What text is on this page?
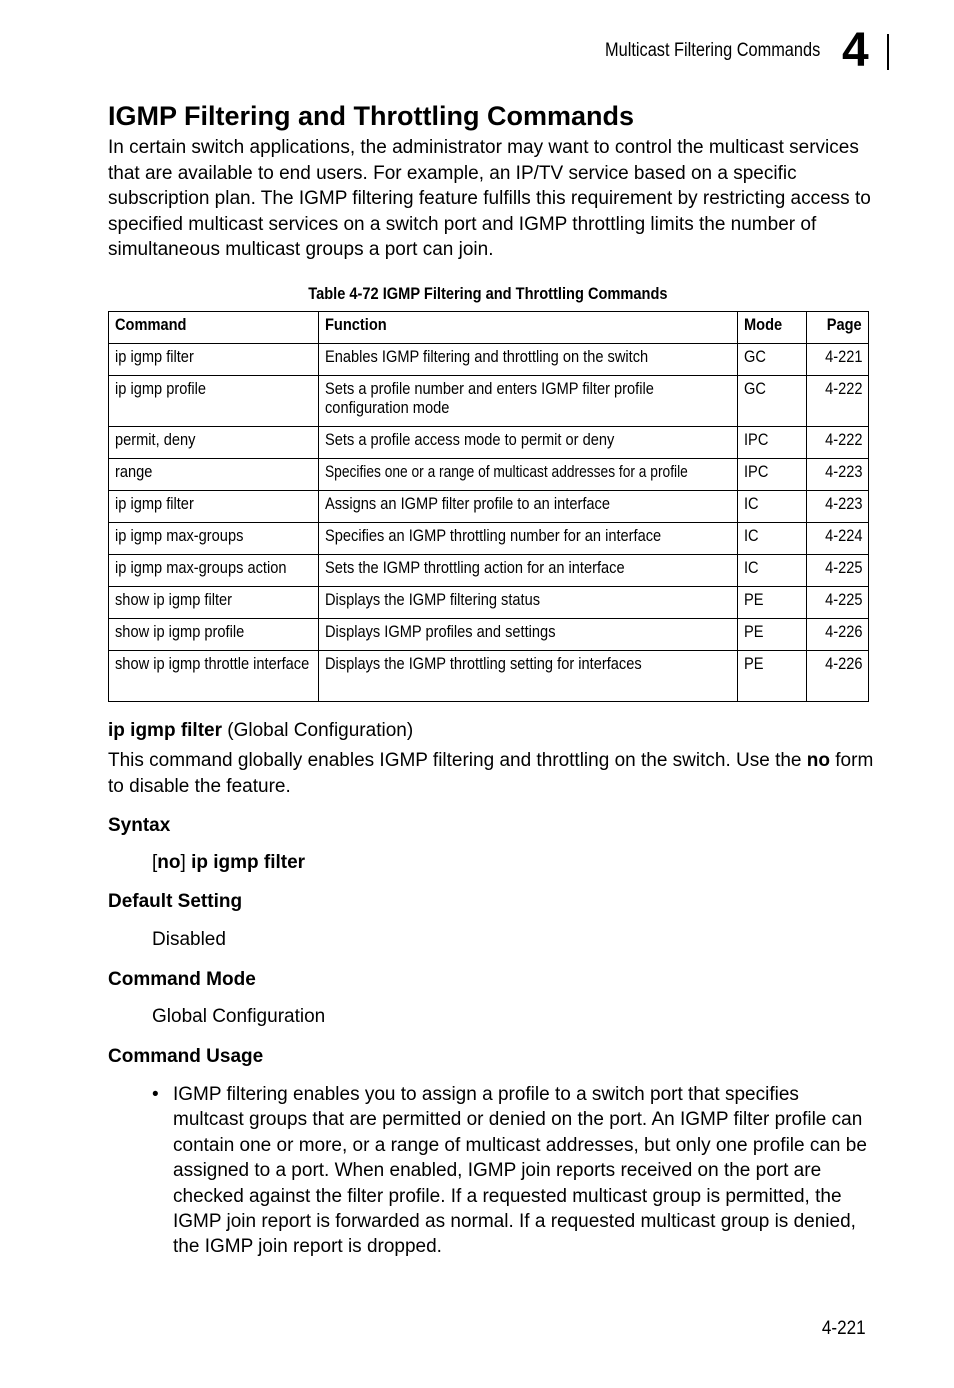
Multicast Filtering Commands 4
IGMP Filtering and Throttling Commands

In certain switch applications, the administrator may want to control the multicast services that are available to end users. For example, an IP/TV service based on a specific subscription plan. The IGMP filtering feature fulfills this requirement by restricting access to specified multicast services on a switch port and IGMP throttling limits the number of simultaneous multicast groups a port can join.

Table 4-72 IGMP Filtering and Throttling Commands
Command	Function	Mode	Page
ip igmp filter	Enables IGMP filtering and throttling on the switch	GC	4-221
ip igmp profile	Sets a profile number and enters IGMP filter profile configuration mode	GC	4-222
permit, deny	Sets a profile access mode to permit or deny	IPC	4-222
range	Specifies one or a range of multicast addresses for a profile	IPC	4-223
ip igmp filter	Assigns an IGMP filter profile to an interface	IC	4-223
ip igmp max-groups	Specifies an IGMP throttling number for an interface	IC	4-224
ip igmp max-groups action	Sets the IGMP throttling action for an interface	IC	4-225
show ip igmp filter	Displays the IGMP filtering status	PE	4-225
show ip igmp profile	Displays IGMP profiles and settings	PE	4-226
show ip igmp throttle interface	Displays the IGMP throttling setting for interfaces	PE	4-226
ip igmp filter (Global Configuration)

This command globally enables IGMP filtering and throttling on the switch. Use the no form to disable the feature.

Syntax
[no] ip igmp filter
Default Setting
Disabled
Command Mode
Global Configuration
Command Usage
• IGMP filtering enables you to assign a profile to a switch port that specifies multcast groups that are permitted or denied on the port. An IGMP filter profile can contain one or more, or a range of multicast addresses, but only one profile can be assigned to a port. When enabled, IGMP join reports received on the port are checked against the filter profile. If a requested multicast group is permitted, the IGMP join report is forwarded as normal. If a requested multicast group is denied, the IGMP join report is dropped.

4-221
